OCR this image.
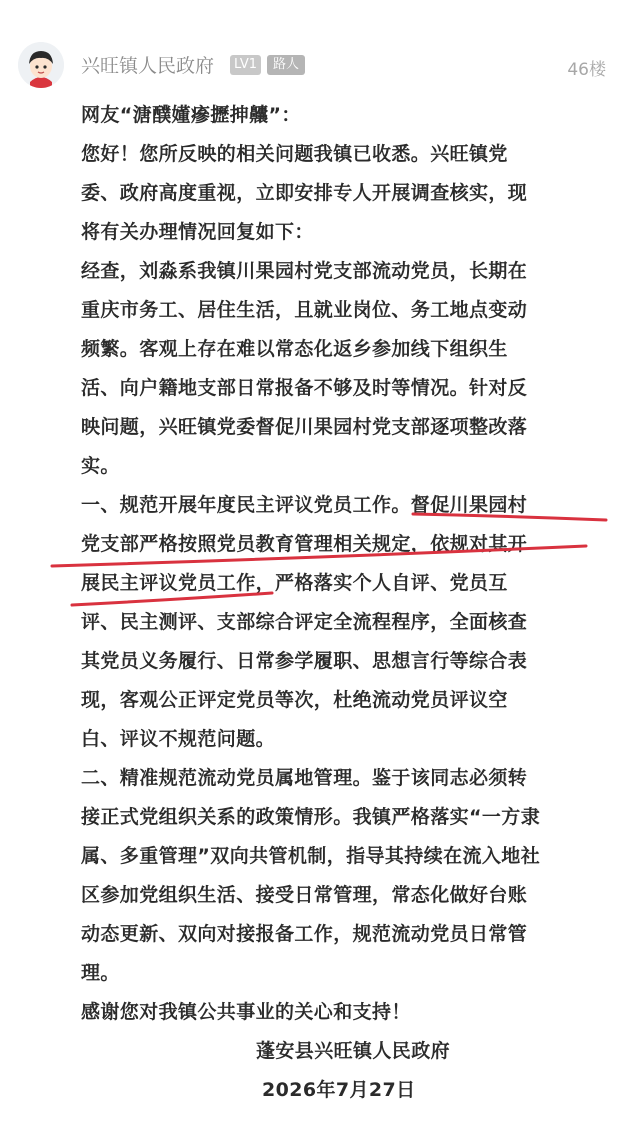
兴旺镇人民政府	LV1	路人	46楼
网友“溏醭嬞瘮攊抻齉”：
您好！您所反映的相关问题我镇已收悉。兴旺镇党
委、政府高度重视，立即安排专人开展调查核实，现
将有关办理情况回复如下：
经查，刘淼系我镇川果园村党支部流动党员，长期在
重庆市务工、居住生活，且就业岗位、务工地点变动
频繁。客观上存在难以常态化返乡参加线下组织生
活、向户籍地支部日常报备不够及时等情况。针对反
映问题，兴旺镇党委督促川果园村党支部逐项整改落
实。
一、规范开展年度民主评议党员工作。督促川果园村
党支部严格按照党员教育管理相关规定，依规对其开
展民主评议党员工作，严格落实个人自评、党员互
评、民主测评、支部综合评定全流程程序，全面核查
其党员义务履行、日常参学履职、思想言行等综合表
现，客观公正评定党员等次，杜绝流动党员评议空
白、评议不规范问题。
二、精准规范流动党员属地管理。鉴于该同志必须转
接正式党组织关系的政策情形。我镇严格落实“一方隶
属、多重管理”双向共管机制，指导其持续在流入地社
区参加党组织生活、接受日常管理，常态化做好台账
动态更新、双向对接报备工作，规范流动党员日常管
理。
感谢您对我镇公共事业的关心和支持！
蓬安县兴旺镇人民政府
2026年7月27日
